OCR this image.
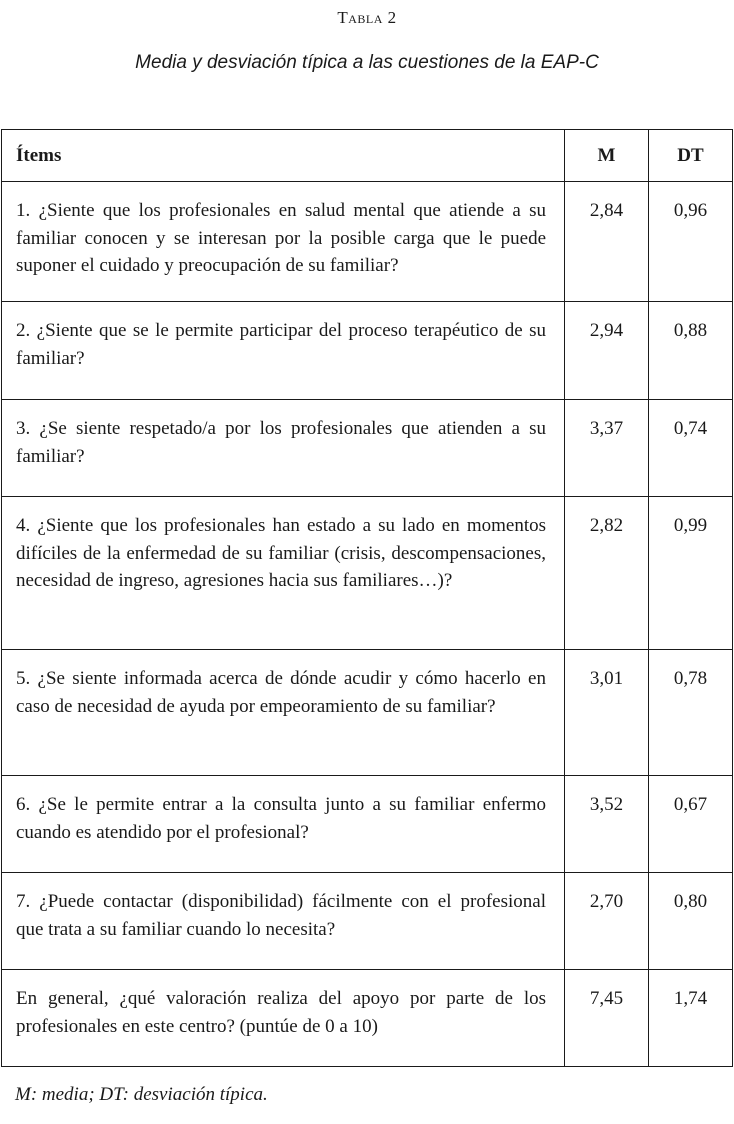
Tabla 2
Media y desviación típica a las cuestiones de la EAP-C
Ítems	M	DT
1. ¿Siente que los profesionales en salud mental que atiende a su familiar conocen y se interesan por la posible carga que le puede suponer el cuidado y preocupación de su familiar?	2,84	0,96
2. ¿Siente que se le permite participar del proceso terapéutico de su familiar?	2,94	0,88
3. ¿Se siente respetado/a por los profesionales que atienden a su familiar?	3,37	0,74
4. ¿Siente que los profesionales han estado a su lado en momentos difíciles de la enfermedad de su familiar (crisis, descompensaciones, necesidad de ingreso, agresiones hacia sus familiares…)?	2,82	0,99
5. ¿Se siente informada acerca de dónde acudir y cómo hacerlo en caso de necesidad de ayuda por empeoramiento de su familiar?	3,01	0,78
6. ¿Se le permite entrar a la consulta junto a su familiar enfermo cuando es atendido por el profesional?	3,52	0,67
7. ¿Puede contactar (disponibilidad) fácilmente con el profesional que trata a su familiar cuando lo necesita?	2,70	0,80
En general, ¿qué valoración realiza del apoyo por parte de los profesionales en este centro? (puntúe de 0 a 10)	7,45	1,74
M: media; DT: desviación típica.
